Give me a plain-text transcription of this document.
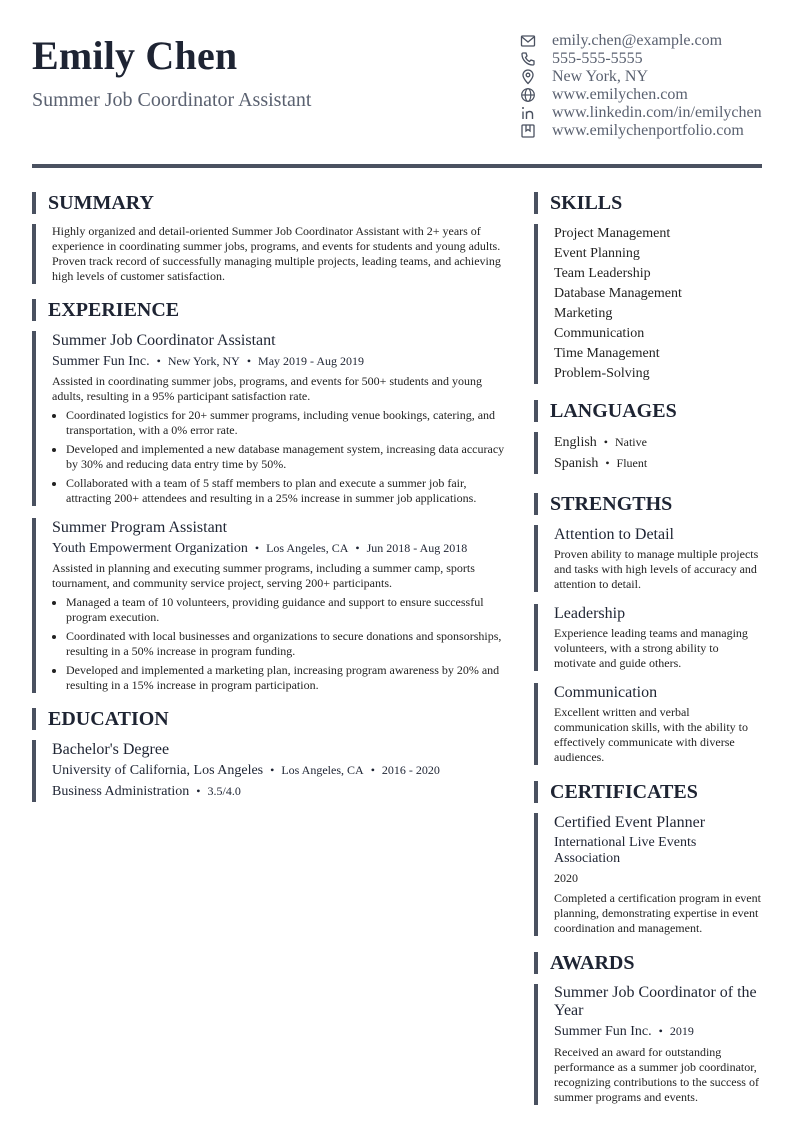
Emily Chen
Summer Job Coordinator Assistant
emily.chen@example.com
555-555-5555
New York, NY
www.emilychen.com
www.linkedin.com/in/emilychen
www.emilychenportfolio.com
SUMMARY
Highly organized and detail-oriented Summer Job Coordinator Assistant with 2+ years of experience in coordinating summer jobs, programs, and events for students and young adults. Proven track record of successfully managing multiple projects, leading teams, and achieving high levels of customer satisfaction.
EXPERIENCE
Summer Job Coordinator Assistant
Summer Fun Inc. • New York, NY • May 2019 - Aug 2019
Assisted in coordinating summer jobs, programs, and events for 500+ students and young adults, resulting in a 95% participant satisfaction rate.
• Coordinated logistics for 20+ summer programs, including venue bookings, catering, and transportation, with a 0% error rate.
• Developed and implemented a new database management system, increasing data accuracy by 30% and reducing data entry time by 50%.
• Collaborated with a team of 5 staff members to plan and execute a summer job fair, attracting 200+ attendees and resulting in a 25% increase in summer job applications.
Summer Program Assistant
Youth Empowerment Organization • Los Angeles, CA • Jun 2018 - Aug 2018
Assisted in planning and executing summer programs, including a summer camp, sports tournament, and community service project, serving 200+ participants.
• Managed a team of 10 volunteers, providing guidance and support to ensure successful program execution.
• Coordinated with local businesses and organizations to secure donations and sponsorships, resulting in a 50% increase in program funding.
• Developed and implemented a marketing plan, increasing program awareness by 20% and resulting in a 15% increase in program participation.
EDUCATION
Bachelor's Degree
University of California, Los Angeles • Los Angeles, CA • 2016 - 2020
Business Administration • 3.5/4.0
SKILLS
Project Management
Event Planning
Team Leadership
Database Management
Marketing
Communication
Time Management
Problem-Solving
LANGUAGES
English • Native
Spanish • Fluent
STRENGTHS
Attention to Detail
Proven ability to manage multiple projects and tasks with high levels of accuracy and attention to detail.
Leadership
Experience leading teams and managing volunteers, with a strong ability to motivate and guide others.
Communication
Excellent written and verbal communication skills, with the ability to effectively communicate with diverse audiences.
CERTIFICATES
Certified Event Planner
International Live Events Association
2020
Completed a certification program in event planning, demonstrating expertise in event coordination and management.
AWARDS
Summer Job Coordinator of the Year
Summer Fun Inc. • 2019
Received an award for outstanding performance as a summer job coordinator, recognizing contributions to the success of summer programs and events.
